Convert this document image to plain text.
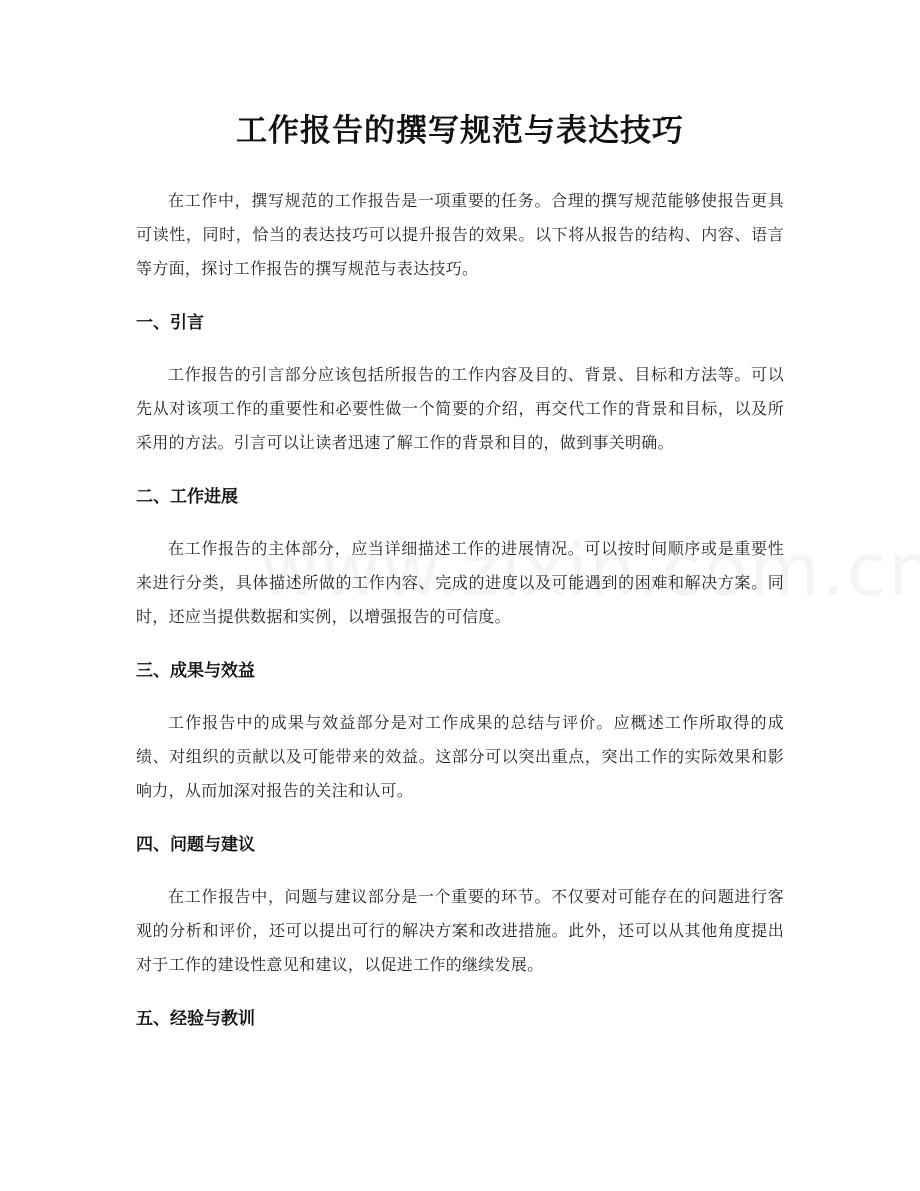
工作报告的撰写规范与表达技巧

在工作中，撰写规范的工作报告是一项重要的任务。合理的撰写规范能够使报告更具可读性，同时，恰当的表达技巧可以提升报告的效果。以下将从报告的结构、内容、语言等方面，探讨工作报告的撰写规范与表达技巧。

一、引言

工作报告的引言部分应该包括所报告的工作内容及目的、背景、目标和方法等。可以先从对该项工作的重要性和必要性做一个简要的介绍，再交代工作的背景和目标，以及所采用的方法。引言可以让读者迅速了解工作的背景和目的，做到事关明确。

二、工作进展

在工作报告的主体部分，应当详细描述工作的进展情况。可以按时间顺序或是重要性来进行分类，具体描述所做的工作内容、完成的进度以及可能遇到的困难和解决方案。同时，还应当提供数据和实例，以增强报告的可信度。

三、成果与效益

工作报告中的成果与效益部分是对工作成果的总结与评价。应概述工作所取得的成绩、对组织的贡献以及可能带来的效益。这部分可以突出重点，突出工作的实际效果和影响力，从而加深对报告的关注和认可。

四、问题与建议

在工作报告中，问题与建议部分是一个重要的环节。不仅要对可能存在的问题进行客观的分析和评价，还可以提出可行的解决方案和改进措施。此外，还可以从其他角度提出对于工作的建设性意见和建议，以促进工作的继续发展。

五、经验与教训
